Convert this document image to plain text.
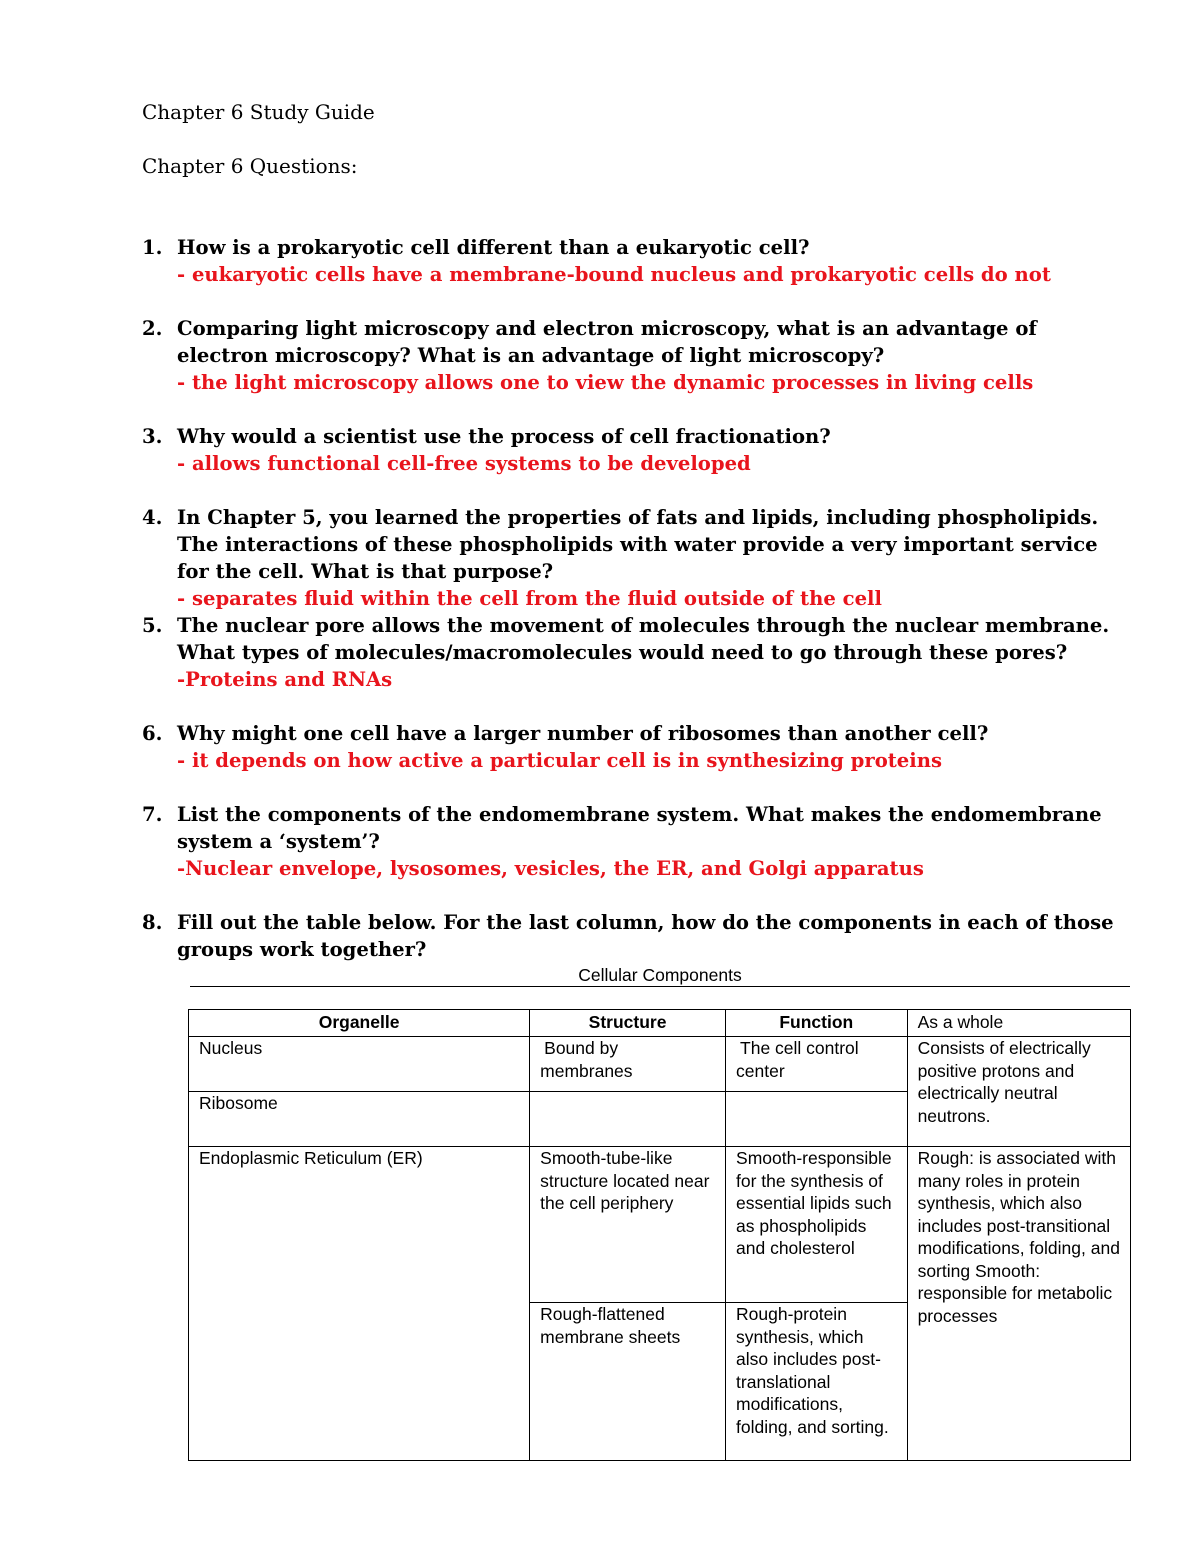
Chapter 6 Study Guide
Chapter 6 Questions:
1. How is a prokaryotic cell different than a eukaryotic cell?
- eukaryotic cells have a membrane-bound nucleus and prokaryotic cells do not
2. Comparing light microscopy and electron microscopy, what is an advantage of electron microscopy? What is an advantage of light microscopy?
- the light microscopy allows one to view the dynamic processes in living cells
3. Why would a scientist use the process of cell fractionation?
- allows functional cell-free systems to be developed
4. In Chapter 5, you learned the properties of fats and lipids, including phospholipids. The interactions of these phospholipids with water provide a very important service for the cell. What is that purpose?
- separates fluid within the cell from the fluid outside of the cell
5. The nuclear pore allows the movement of molecules through the nuclear membrane. What types of molecules/macromolecules would need to go through these pores?
-Proteins and RNAs
6. Why might one cell have a larger number of ribosomes than another cell?
- it depends on how active a particular cell is in synthesizing proteins
7. List the components of the endomembrane system. What makes the endomembrane system a ‘system’?
-Nuclear envelope, lysosomes, vesicles, the ER, and Golgi apparatus
8. Fill out the table below. For the last column, how do the components in each of those groups work together?
Cellular Components
Organelle	Structure	Function	As a whole
Nucleus	Bound by membranes	The cell control center	Consists of electrically positive protons and electrically neutral neutrons.
Ribosome			
Endoplasmic Reticulum (ER)	Smooth-tube-like structure located near the cell periphery	Smooth-responsible for the synthesis of essential lipids such as phospholipids and cholesterol	Rough: is associated with many roles in protein synthesis, which also includes post-transitional modifications, folding, and sorting Smooth: responsible for metabolic processes
	Rough-flattened membrane sheets	Rough-protein synthesis, which also includes post-translational modifications, folding, and sorting.	
